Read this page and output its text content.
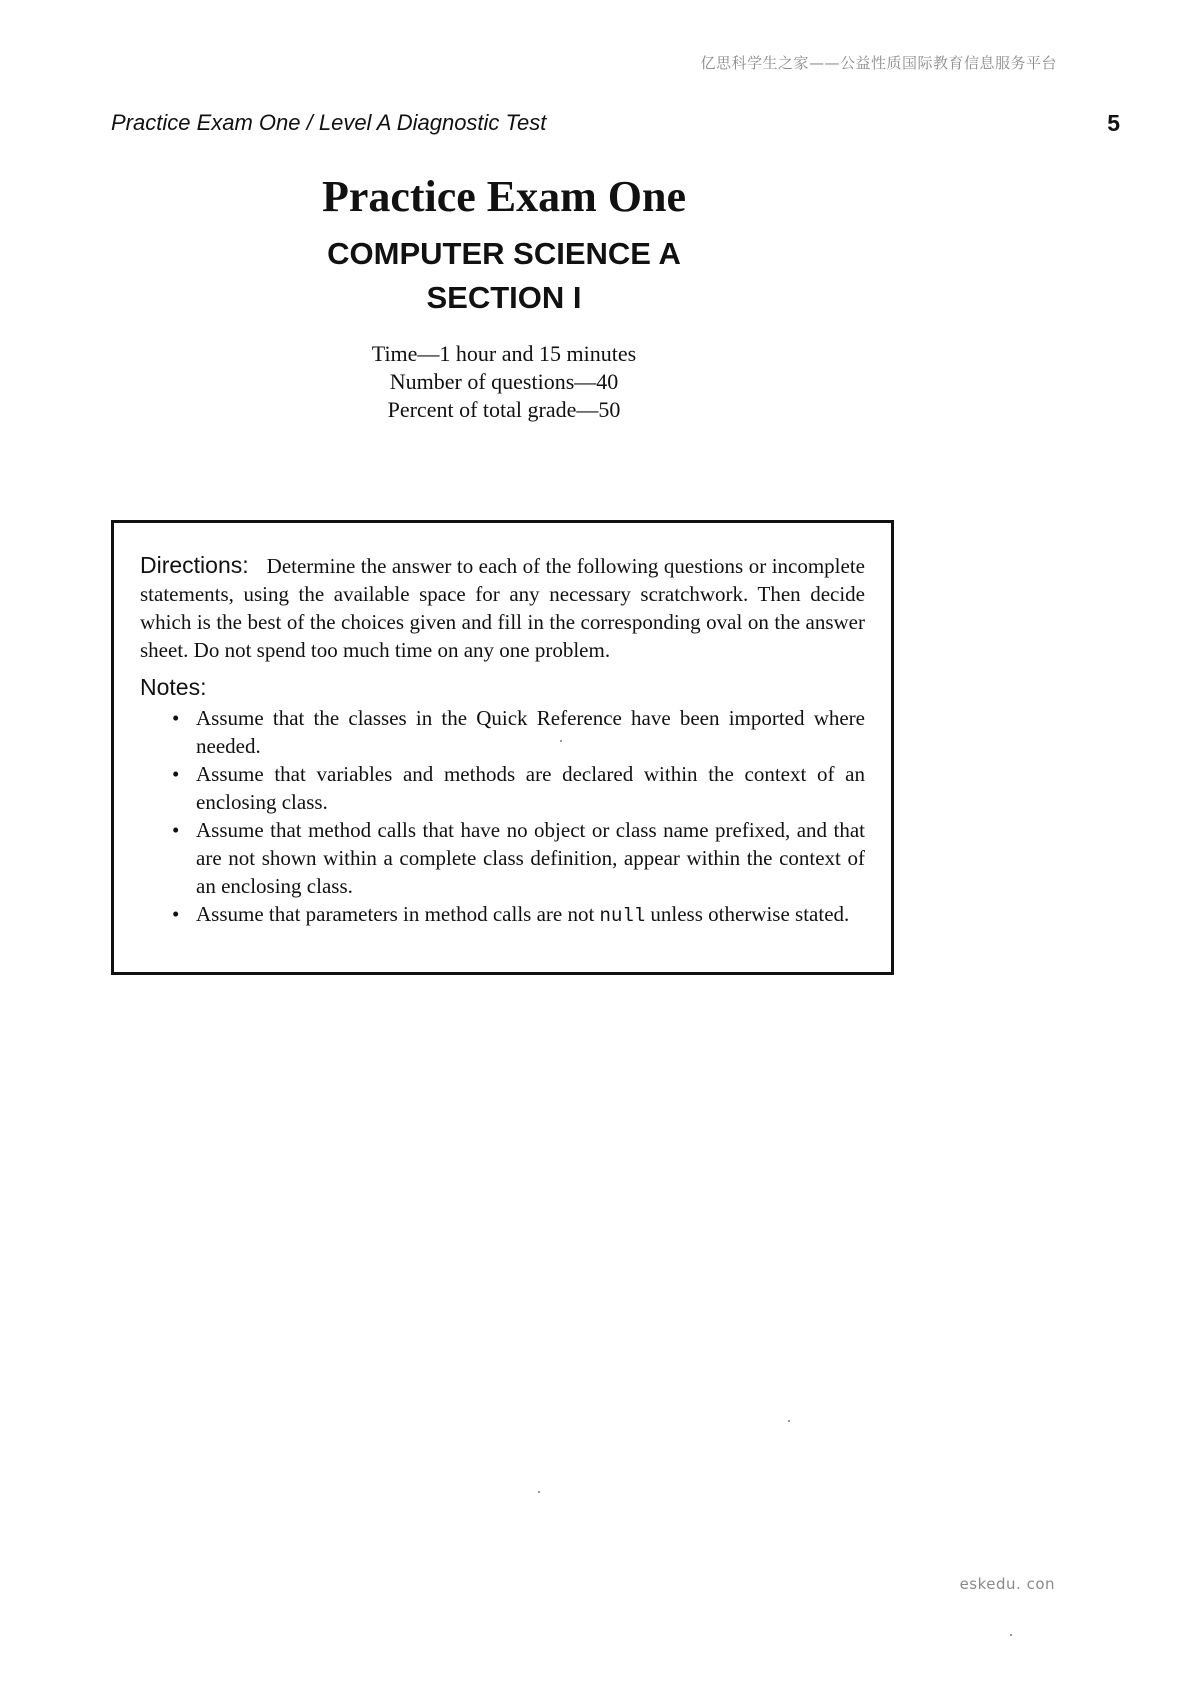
亿思科学生之家——公益性质国际教育信息服务平台
Practice Exam One / Level A Diagnostic Test	5
Practice Exam One
COMPUTER SCIENCE A
SECTION I
Time—1 hour and 15 minutes
Number of questions—40
Percent of total grade—50

Directions: Determine the answer to each of the following questions or incomplete statements, using the available space for any necessary scratchwork. Then decide which is the best of the choices given and fill in the corresponding oval on the answer sheet. Do not spend too much time on any one problem.

Notes:
• Assume that the classes in the Quick Reference have been imported where needed.
• Assume that variables and methods are declared within the context of an enclosing class.
• Assume that method calls that have no object or class name prefixed, and that are not shown within a complete class definition, appear within the context of an enclosing class.
• Assume that parameters in method calls are not null unless otherwise stated.
eskedu. con
